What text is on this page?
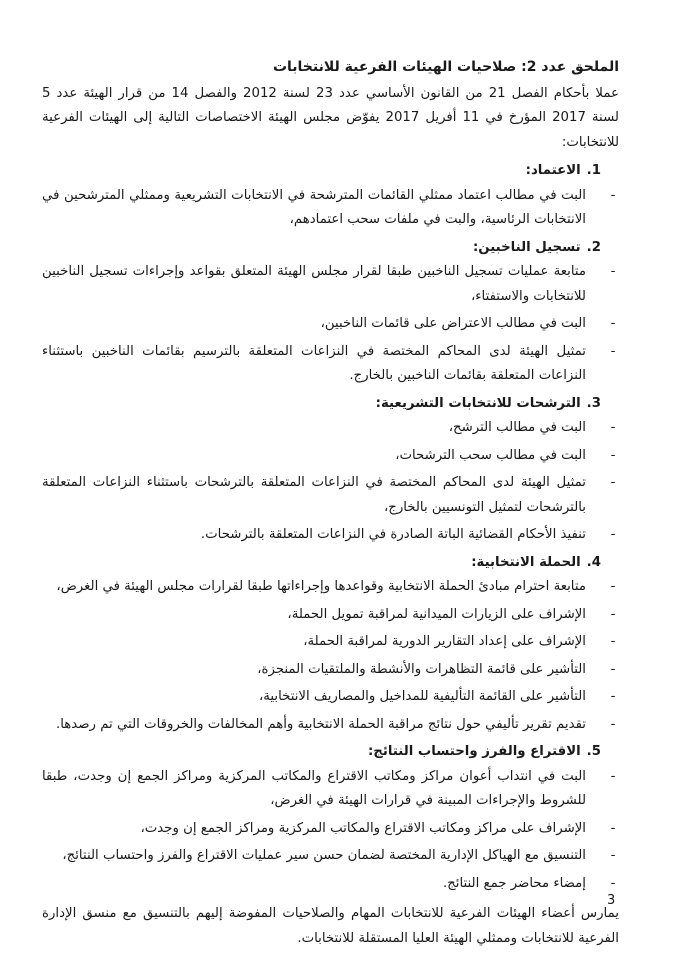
الملحق عدد 2: صلاحيات الهيئات الفرعية للانتخابات

عملا بأحكام الفصل 21 من القانون الأساسي عدد 23 لسنة 2012 والفصل 14 من قرار الهيئة عدد 5 لسنة 2017 المؤرخ في 11 أفريل 2017 يفوّض مجلس الهيئة الاختصاصات التالية إلى الهيئات الفرعية للانتخابات:

1.الاعتماد:
-
البت في مطالب اعتماد ممثلي القائمات المترشحة في الانتخابات التشريعية وممثلي المترشحين في الانتخابات الرئاسية، والبت في ملفات سحب اعتمادهم،
2.تسجيل الناخبين:
-
متابعة عمليات تسجيل الناخبين طبقا لقرار مجلس الهيئة المتعلق بقواعد وإجراءات تسجيل الناخبين للانتخابات والاستفتاء،
-
البت في مطالب الاعتراض على قائمات الناخبين،
-
تمثيل الهيئة لدى المحاكم المختصة في النزاعات المتعلقة بالترسيم بقائمات الناخبين باستثناء النزاعات المتعلقة بقائمات الناخبين بالخارج.
3.الترشحات للانتخابات التشريعية:
-
البت في مطالب الترشح،
-
البت في مطالب سحب الترشحات،
-
تمثيل الهيئة لدى المحاكم المختصة في النزاعات المتعلقة بالترشحات باستثناء النزاعات المتعلقة بالترشحات لتمثيل التونسيين بالخارج،
-
تنفيذ الأحكام القضائية الباتة الصادرة في النزاعات المتعلقة بالترشحات.
4.الحملة الانتخابية:
-
متابعة احترام مبادئ الحملة الانتخابية وقواعدها وإجراءاتها طبقا لقرارات مجلس الهيئة في الغرض،
-
الإشراف على الزيارات الميدانية لمراقبة تمويل الحملة،
-
الإشراف على إعداد التقارير الدورية لمراقبة الحملة،
-
التأشير على قائمة التظاهرات والأنشطة والملتقيات المنجزة،
-
التأشير على القائمة التأليفية للمداخيل والمصاريف الانتخابية،
-
تقديم تقرير تأليفي حول نتائج مراقبة الحملة الانتخابية وأهم المخالفات والخروقات التي تم رصدها.
5.الاقتراع والفرز واحتساب النتائج:
-
البت في انتداب أعوان مراكز ومكاتب الاقتراع والمكاتب المركزية ومراكز الجمع إن وجدت، طبقا للشروط والإجراءات المبينة في قرارات الهيئة في الغرض،
-
الإشراف على مراكز ومكاتب الاقتراع والمكاتب المركزية ومراكز الجمع إن وجدت،
-
التنسيق مع الهياكل الإدارية المختصة لضمان حسن سير عمليات الاقتراع والفرز واحتساب النتائج،
-
إمضاء محاضر جمع النتائج.

يمارس أعضاء الهيئات الفرعية للانتخابات المهام والصلاحيات المفوضة إليهم بالتنسيق مع منسق الإدارة الفرعية للانتخابات وممثلي الهيئة العليا المستقلة للانتخابات.

3
